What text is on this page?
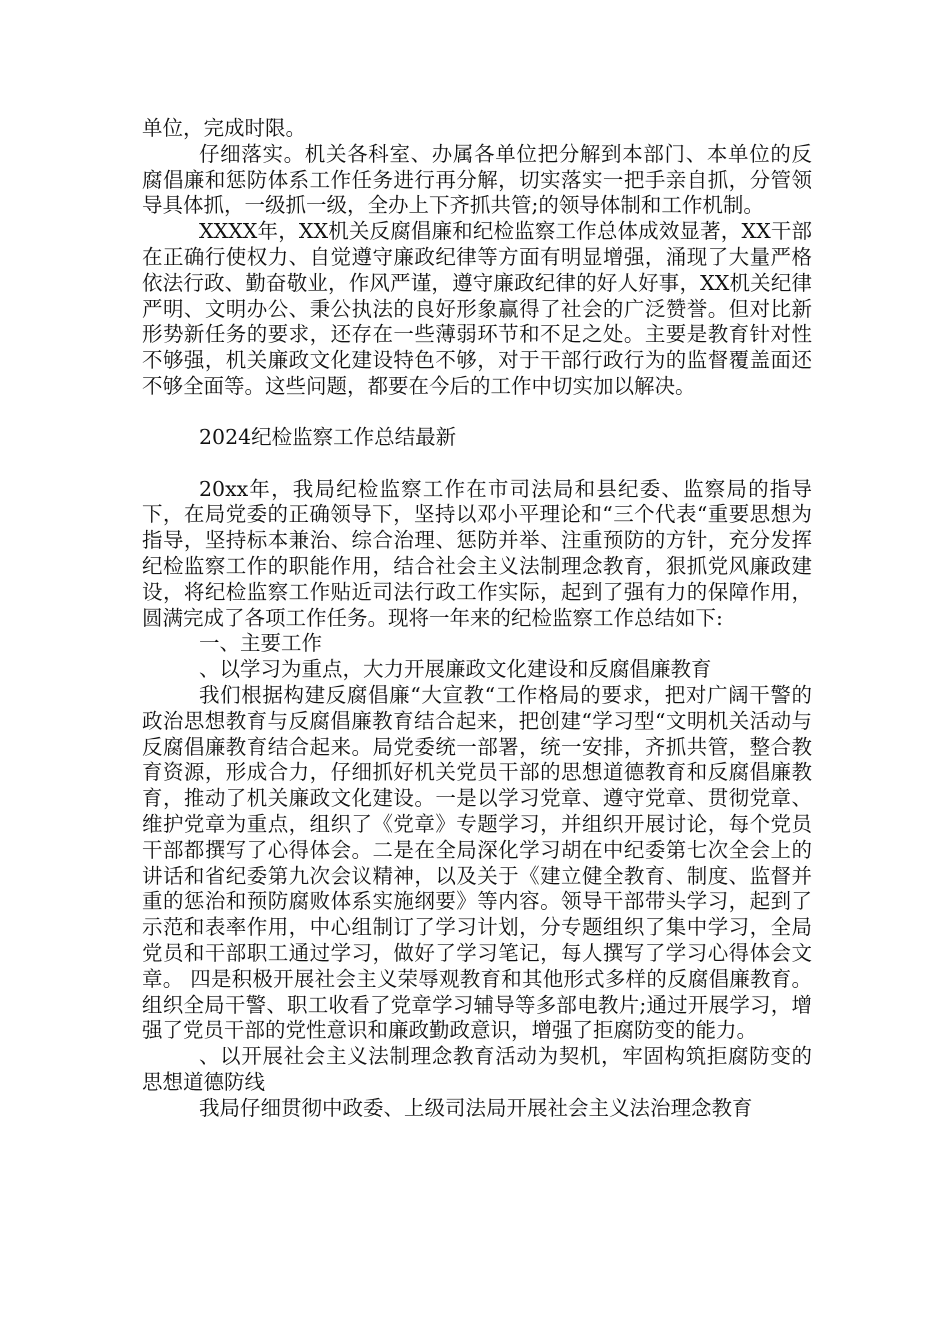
单位，完成时限。

仔细落实。机关各科室、办属各单位把分解到本部门、本单位的反腐倡廉和惩防体系工作任务进行再分解，切实落实一把手亲自抓，分管领导具体抓，一级抓一级，全办上下齐抓共管;的领导体制和工作机制。

XXXX年，XX机关反腐倡廉和纪检监察工作总体成效显著，XX干部在正确行使权力、自觉遵守廉政纪律等方面有明显增强，涌现了大量严格依法行政、勤奋敬业，作风严谨，遵守廉政纪律的好人好事，XX机关纪律严明、文明办公、秉公执法的良好形象赢得了社会的广泛赞誉。但对比新形势新任务的要求，还存在一些薄弱环节和不足之处。主要是教育针对性不够强，机关廉政文化建设特色不够，对于干部行政行为的监督覆盖面还不够全面等。这些问题，都要在今后的工作中切实加以解决。

2024纪检监察工作总结最新

20xx年，我局纪检监察工作在市司法局和县纪委、监察局的指导下，在局党委的正确领导下，坚持以邓小平理论和“三个代表“重要思想为指导，坚持标本兼治、综合治理、惩防并举、注重预防的方针，充分发挥纪检监察工作的职能作用，结合社会主义法制理念教育，狠抓党风廉政建设，将纪检监察工作贴近司法行政工作实际，起到了强有力的保障作用，圆满完成了各项工作任务。现将一年来的纪检监察工作总结如下:

一、主要工作

、以学习为重点，大力开展廉政文化建设和反腐倡廉教育

我们根据构建反腐倡廉“大宣教“工作格局的要求，把对广阔干警的政治思想教育与反腐倡廉教育结合起来，把创建“学习型“文明机关活动与反腐倡廉教育结合起来。局党委统一部署，统一安排，齐抓共管，整合教育资源，形成合力，仔细抓好机关党员干部的思想道德教育和反腐倡廉教育，推动了机关廉政文化建设。一是以学习党章、遵守党章、贯彻党章、维护党章为重点，组织了《党章》专题学习，并组织开展讨论，每个党员干部都撰写了心得体会。二是在全局深化学习胡在中纪委第七次全会上的讲话和省纪委第九次会议精神，以及关于《建立健全教育、制度、监督并重的惩治和预防腐败体系实施纲要》等内容。领导干部带头学习，起到了示范和表率作用，中心组制订了学习计划，分专题组织了集中学习，全局党员和干部职工通过学习，做好了学习笔记，每人撰写了学习心得体会文章。 四是积极开展社会主义荣辱观教育和其他形式多样的反腐倡廉教育。组织全局干警、职工收看了党章学习辅导等多部电教片;通过开展学习，增强了党员干部的党性意识和廉政勤政意识，增强了拒腐防变的能力。

、以开展社会主义法制理念教育活动为契机，牢固构筑拒腐防变的思想道德防线

我局仔细贯彻中政委、上级司法局开展社会主义法治理念教育
